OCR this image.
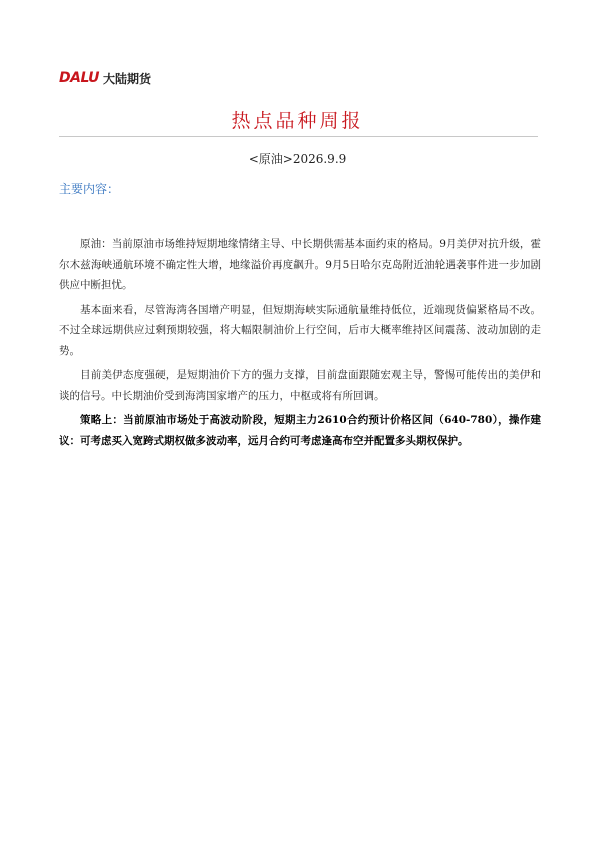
DALU 大陆期货
热点品种周报
<原油>2026.9.9
主要内容：

原油：当前原油市场维持短期地缘情绪主导、中长期供需基本面约束的格局。9月美伊对抗升级，霍尔木兹海峡通航环境不确定性大增，地缘溢价再度飙升。9月5日哈尔克岛附近油轮遇袭事件进一步加剧供应中断担忧。

基本面来看，尽管海湾各国增产明显，但短期海峡实际通航量维持低位，近端现货偏紧格局不改。不过全球远期供应过剩预期较强，将大幅限制油价上行空间，后市大概率维持区间震荡、波动加剧的走势。

目前美伊态度强硬，是短期油价下方的强力支撑，目前盘面跟随宏观主导，警惕可能传出的美伊和谈的信号。中长期油价受到海湾国家增产的压力，中枢或将有所回调。

策略上：当前原油市场处于高波动阶段，短期主力2610合约预计价格区间（640-780），操作建议：可考虑买入宽跨式期权做多波动率，远月合约可考虑逢高布空并配置多头期权保护。
